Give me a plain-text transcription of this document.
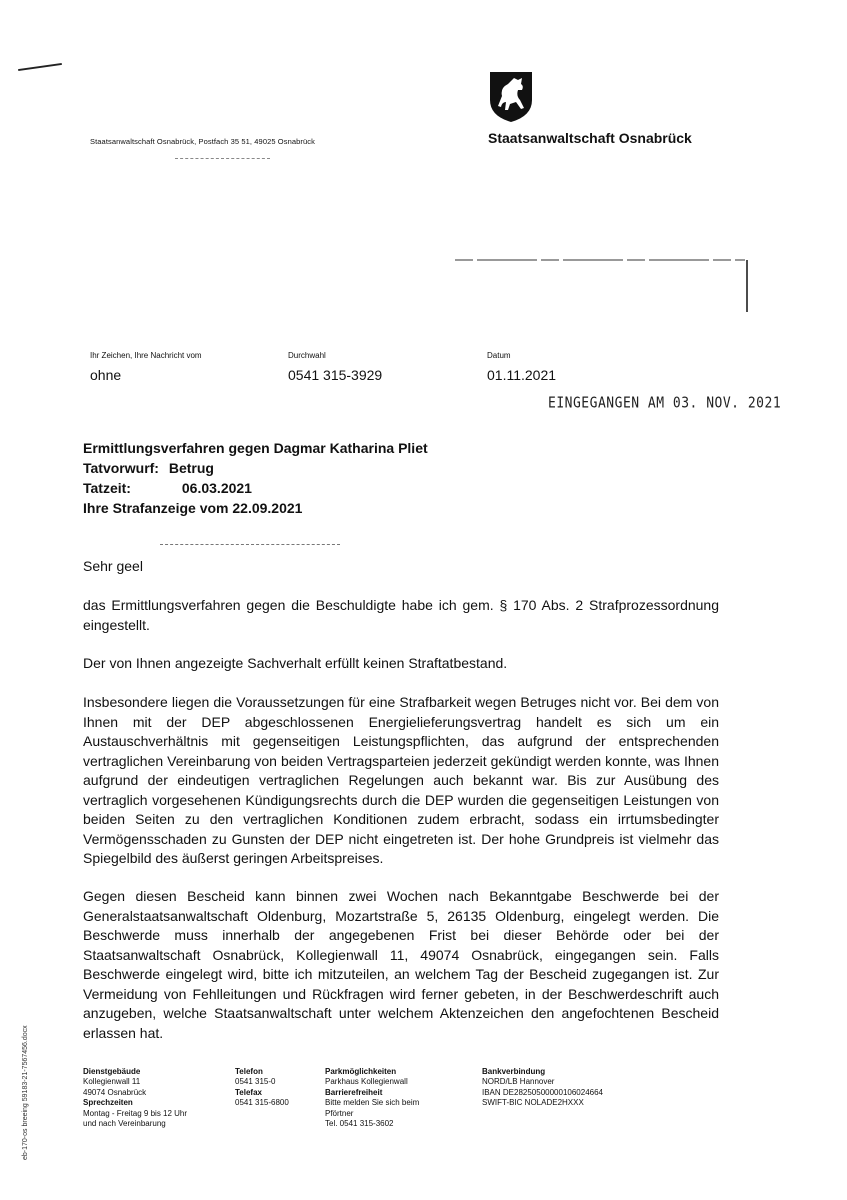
Staatsanwaltschaft Osnabrück, Postfach 35 51, 49025 Osnabrück	Staatsanwaltschaft Osnabrück
Ihr Zeichen, Ihre Nachricht vom
ohne
Durchwahl
0541 315-3929
Datum
01.11.2021
EINGEGANGEN AM 03. NOV. 2021
Ermittlungsverfahren gegen Dagmar Katharina Pliet
Tatvorwurf: Betrug
Tatzeit:	06.03.2021
Ihre Strafanzeige vom 22.09.2021
Sehr geel
das Ermittlungsverfahren gegen die Beschuldigte habe ich gem. § 170 Abs. 2 Strafprozessordnung eingestellt.
Der von Ihnen angezeigte Sachverhalt erfüllt keinen Straftatbestand.
Insbesondere liegen die Voraussetzungen für eine Strafbarkeit wegen Betruges nicht vor. Bei dem von Ihnen mit der DEP abgeschlossenen Energielieferungsvertrag handelt es sich um ein Austauschverhältnis mit gegenseitigen Leistungspflichten, das aufgrund der entsprechenden vertraglichen Vereinbarung von beiden Vertragsparteien jederzeit gekündigt werden konnte, was Ihnen aufgrund der eindeutigen vertraglichen Regelungen auch bekannt war. Bis zur Ausübung des vertraglich vorgesehenen Kündigungsrechts durch die DEP wurden die gegenseitigen Leistungen von beiden Seiten zu den vertraglichen Konditionen zudem erbracht, sodass ein irrtumsbedingter Vermögensschaden zu Gunsten der DEP nicht eingetreten ist. Der hohe Grundpreis ist vielmehr das Spiegelbild des äußerst geringen Arbeitspreises.
Gegen diesen Bescheid kann binnen zwei Wochen nach Bekanntgabe Beschwerde bei der Generalstaatsanwaltschaft Oldenburg, Mozartstraße 5, 26135 Oldenburg, eingelegt werden. Die Beschwerde muss innerhalb der angegebenen Frist bei dieser Behörde oder bei der Staatsanwaltschaft Osnabrück, Kollegienwall 11, 49074 Osnabrück, eingegangen sein. Falls Beschwerde eingelegt wird, bitte ich mitzuteilen, an welchem Tag der Bescheid zugegangen ist. Zur Vermeidung von Fehlleitungen und Rückfragen wird ferner gebeten, in der Beschwerdeschrift auch anzugeben, welche Staatsanwaltschaft unter welchem Aktenzeichen den angefochtenen Bescheid erlassen hat.
Dienstgebäude
Kollegienwall 11
49074 Osnabrück
Sprechzeiten
Montag - Freitag 9 bis 12 Uhr
und nach Vereinbarung
Telefon
0541 315-0
Telefax
0541 315-6800
Parkmöglichkeiten
Parkhaus Kollegienwall
Barrierefreiheit
Bitte melden Sie sich beim
Pförtner
Tel. 0541 315-3602
Bankverbindung
NORD/LB Hannover
IBAN DE28250500000106024664
SWIFT-BIC NOLADE2HXXX
eb-170-os breeing 59183-21-7567456.docx
